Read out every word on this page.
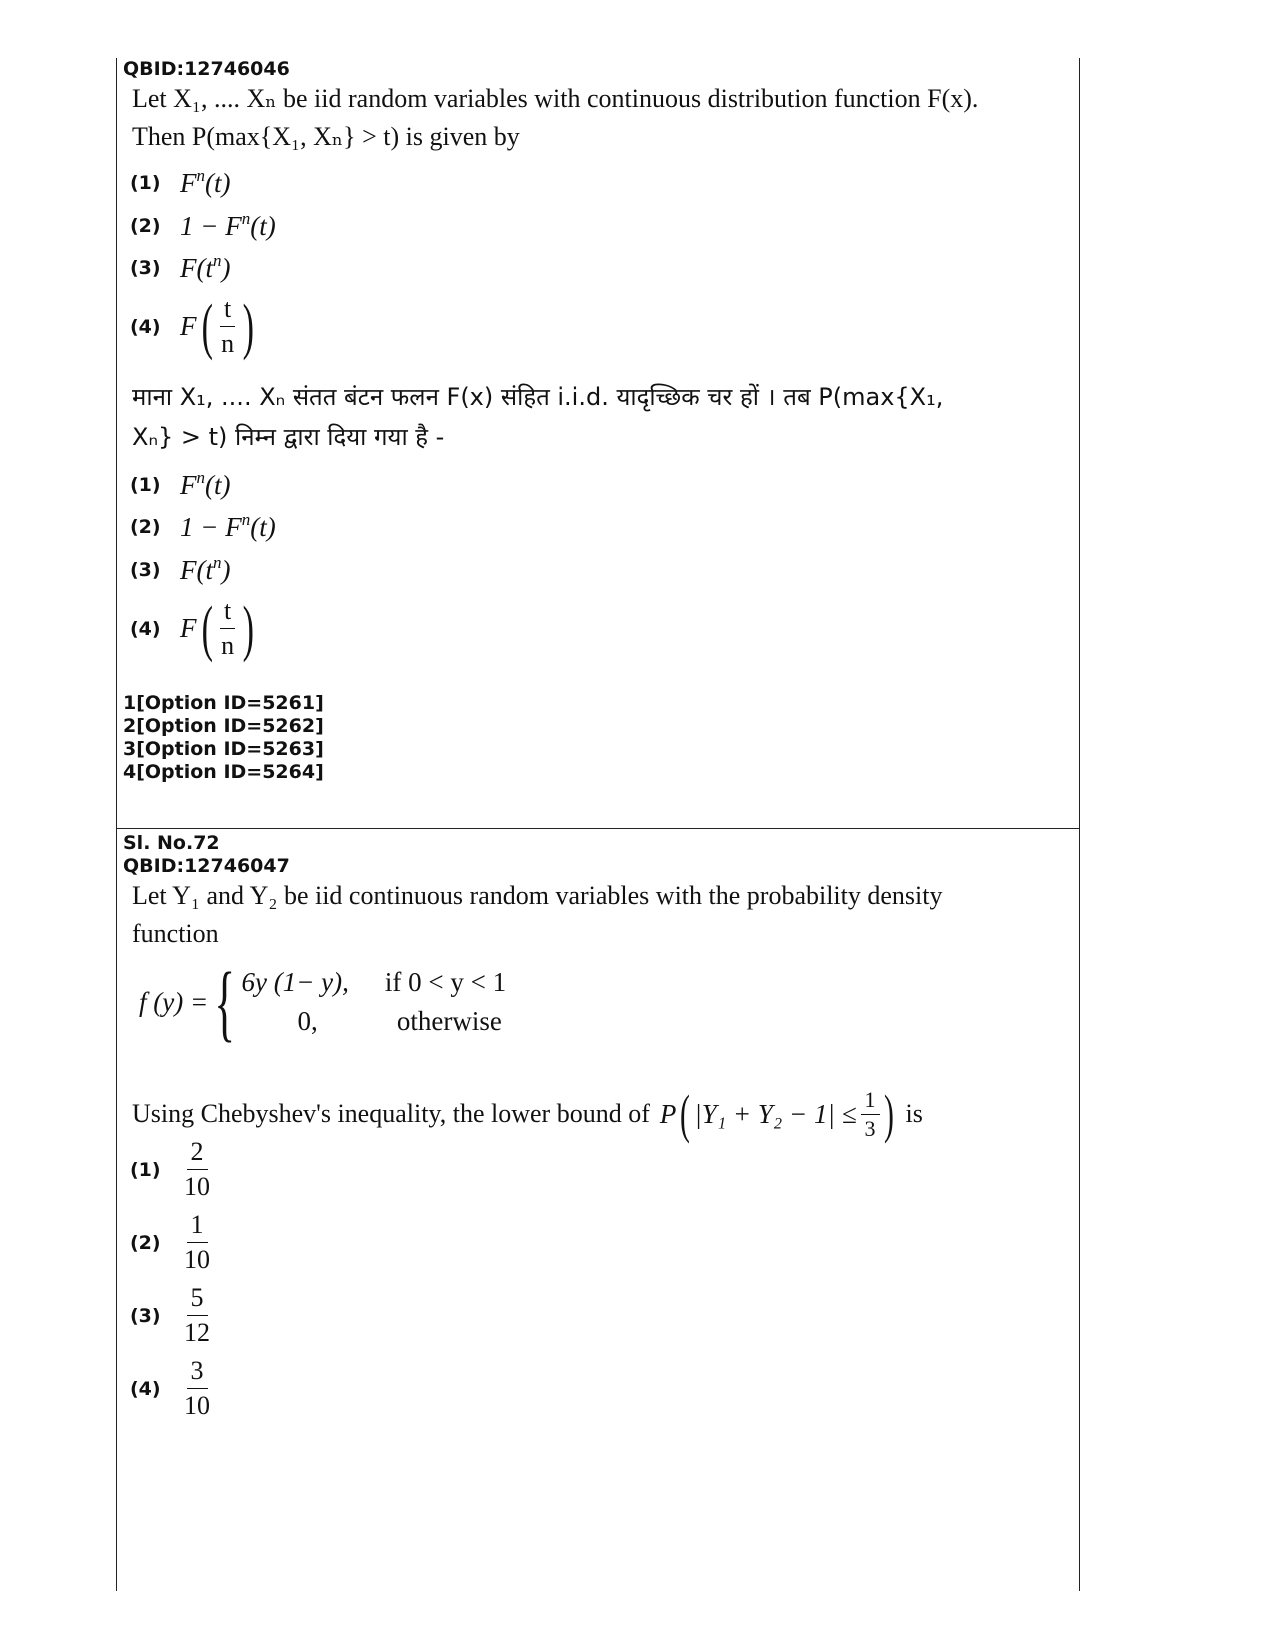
QBID:12746046
Let X₁, .... Xₙ be iid random variables with continuous distribution function F(x).
Then P(max{X₁, Xₙ} > t) is given by
(1) $F^n(t)$
(2) $1 - F^n(t)$
(3) $F(t^n)$
(4) F ( $\frac{t}{n}$ )
माना X₁, .... Xₙ संतत बंटन फलन F(x) संहित i.i.d. यादृच्छिक चर हों । तब P(max{X₁,
Xₙ} > t) निम्न द्वारा दिया गया है -
(1) $F^n(t)$
(2) $1 - F^n(t)$
(3) $F(t^n)$
(4) F ( $\frac{t}{n}$ )
1[Option ID=5261]
2[Option ID=5262]
3[Option ID=5263]
4[Option ID=5264]
Sl. No.72
QBID:12746047
Let Y₁ and Y₂ be iid continuous random variables with the probability density
function
f (y) = { 6y (1− y), if 0 < y < 1
0,	otherwise
Using Chebyshev's inequality, the lower bound of P ( $|Y_1 + Y_2 - 1| \le \frac{1}{3}$ ) is
$(1) \frac{2}{10}$
$(2) \frac{1}{10}$
$(3) \frac{5}{12}$
$(4) \frac{3}{10}$
